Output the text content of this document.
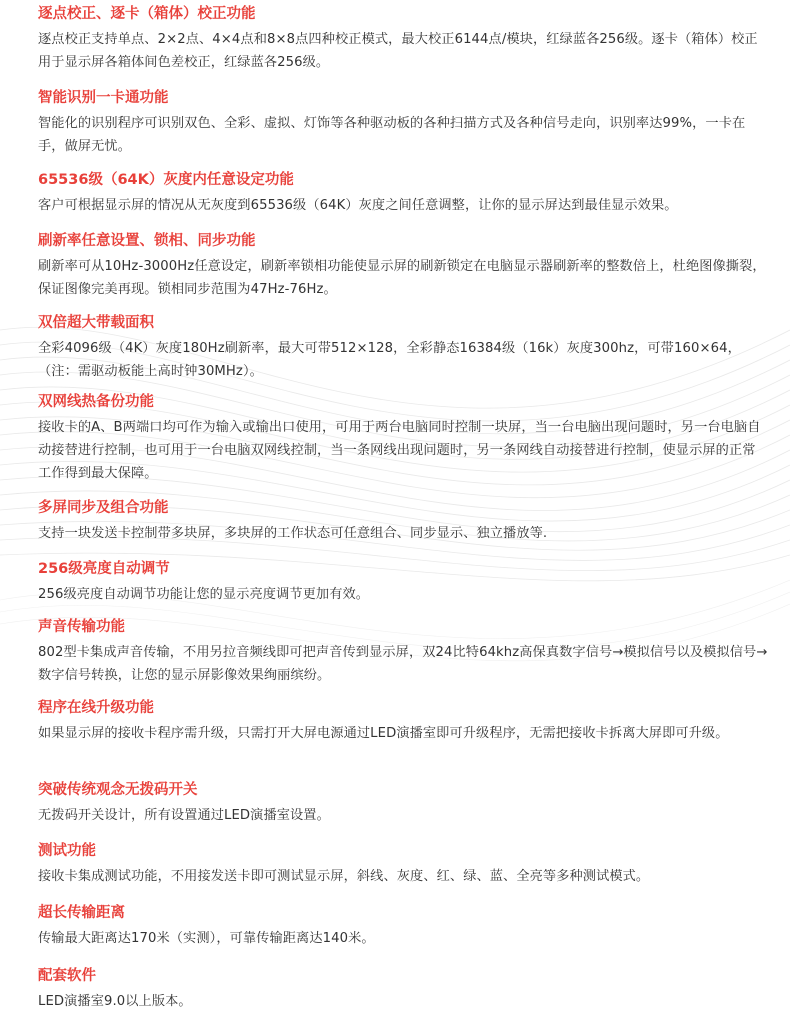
逐点校正、逐卡（箱体）校正功能
逐点校正支持单点、2×2点、4×4点和8×8点四种校正模式，最大校正6144点/模块，红绿蓝各256级。逐卡（箱体）校正用于显示屏各箱体间色差校正，红绿蓝各256级。
智能识别一卡通功能
智能化的识别程序可识别双色、全彩、虚拟、灯饰等各种驱动板的各种扫描方式及各种信号走向，识别率达99%，一卡在手，做屏无忧。
65536级（64K）灰度内任意设定功能
客户可根据显示屏的情况从无灰度到65536级（64K）灰度之间任意调整，让你的显示屏达到最佳显示效果。
刷新率任意设置、锁相、同步功能
刷新率可从10Hz-3000Hz任意设定，刷新率锁相功能使显示屏的刷新锁定在电脑显示器刷新率的整数倍上，杜绝图像撕裂，保证图像完美再现。锁相同步范围为47Hz-76Hz。
双倍超大带载面积
全彩4096级（4K）灰度180Hz刷新率，最大可带512×128，全彩静态16384级（16k）灰度300hz，可带160×64，（注：需驱动板能上高时钟30MHz）。
双网线热备份功能
接收卡的A、B两端口均可作为输入或输出口使用，可用于两台电脑同时控制一块屏，当一台电脑出现问题时，另一台电脑自动接替进行控制，也可用于一台电脑双网线控制，当一条网线出现问题时，另一条网线自动接替进行控制，使显示屏的正常工作得到最大保障。
多屏同步及组合功能
支持一块发送卡控制带多块屏，多块屏的工作状态可任意组合、同步显示、独立播放等.
256级亮度自动调节
256级亮度自动调节功能让您的显示亮度调节更加有效。
声音传输功能
802型卡集成声音传输，不用另拉音频线即可把声音传到显示屏，双24比特64khz高保真数字信号→模拟信号以及模拟信号→数字信号转换，让您的显示屏影像效果绚丽缤纷。
程序在线升级功能
如果显示屏的接收卡程序需升级，只需打开大屏电源通过LED演播室即可升级程序，无需把接收卡拆离大屏即可升级。
突破传统观念无拨码开关
无拨码开关设计，所有设置通过LED演播室设置。
测试功能
接收卡集成测试功能，不用接发送卡即可测试显示屏，斜线、灰度、红、绿、蓝、全亮等多种测试模式。
超长传输距离
传输最大距离达170米（实测），可靠传输距离达140米。
配套软件
LED演播室9.0以上版本。
